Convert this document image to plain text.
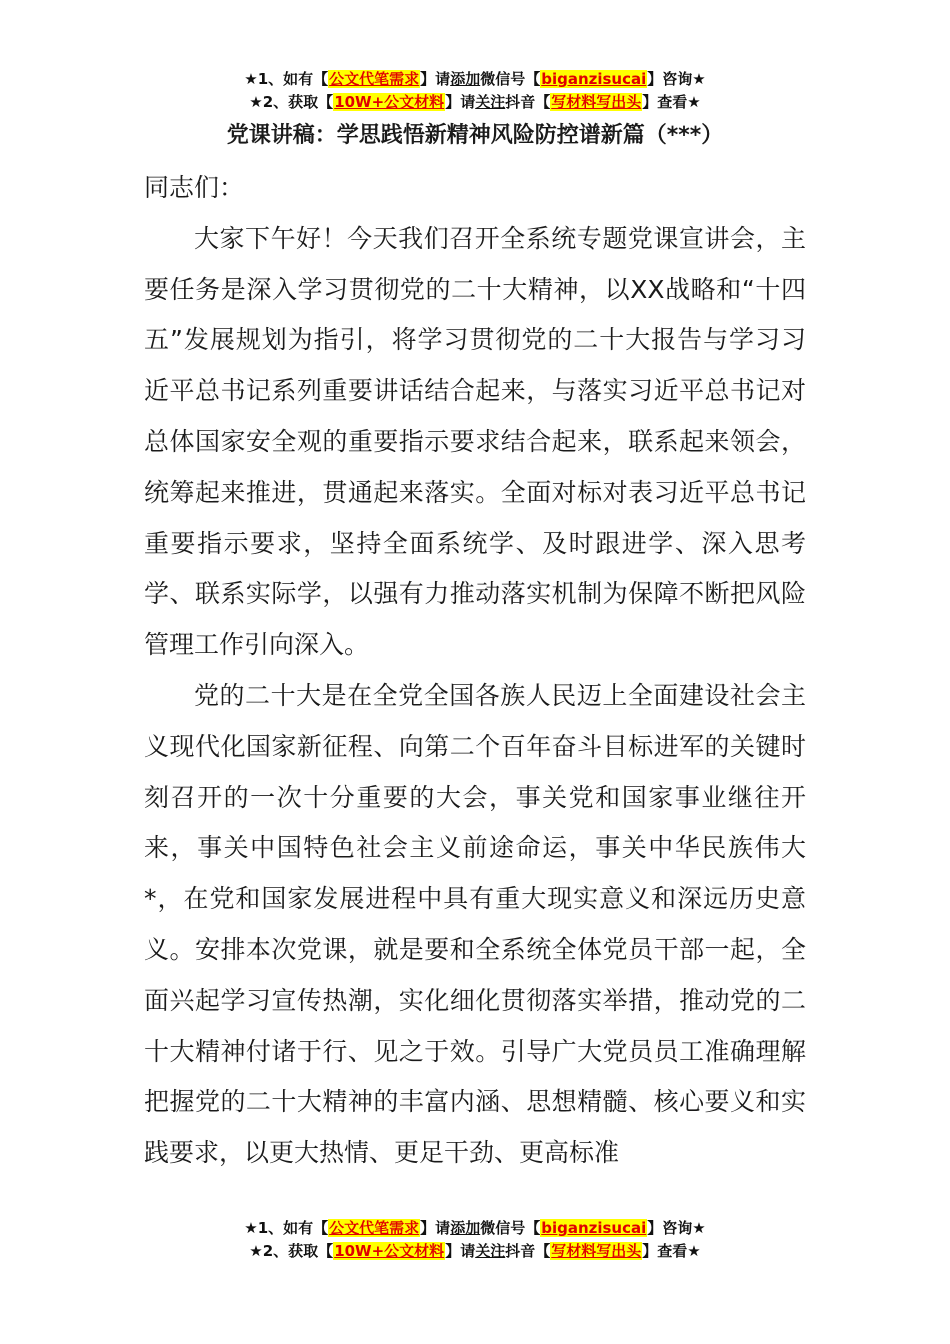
★1、如有【公文代笔需求】请添加微信号【biganzisucai】咨询★
★2、获取【10W+公文材料】请关注抖音【写材料写出头】查看★
党课讲稿：学思践悟新精神风险防控谱新篇（***）

同志们：

大家下午好！今天我们召开全系统专题党课宣讲会，主要任务是深入学习贯彻党的二十大精神，以XX战略和“十四五”发展规划为指引，将学习贯彻党的二十大报告与学习习近平总书记系列重要讲话结合起来，与落实习近平总书记对总体国家安全观的重要指示要求结合起来，联系起来领会，统筹起来推进，贯通起来落实。全面对标对表习近平总书记重要指示要求，坚持全面系统学、及时跟进学、深入思考学、联系实际学，以强有力推动落实机制为保障不断把风险管理工作引向深入。

党的二十大是在全党全国各族人民迈上全面建设社会主义现代化国家新征程、向第二个百年奋斗目标进军的关键时刻召开的一次十分重要的大会，事关党和国家事业继往开来，事关中国特色社会主义前途命运，事关中华民族伟大*，在党和国家发展进程中具有重大现实意义和深远历史意义。安排本次党课，就是要和全系统全体党员干部一起，全面兴起学习宣传热潮，实化细化贯彻落实举措，推动党的二十大精神付诸于行、见之于效。引导广大党员员工准确理解把握党的二十大精神的丰富内涵、思想精髓、核心要义和实践要求，以更大热情、更足干劲、更高标准

★1、如有【公文代笔需求】请添加微信号【biganzisucai】咨询★
★2、获取【10W+公文材料】请关注抖音【写材料写出头】查看★
